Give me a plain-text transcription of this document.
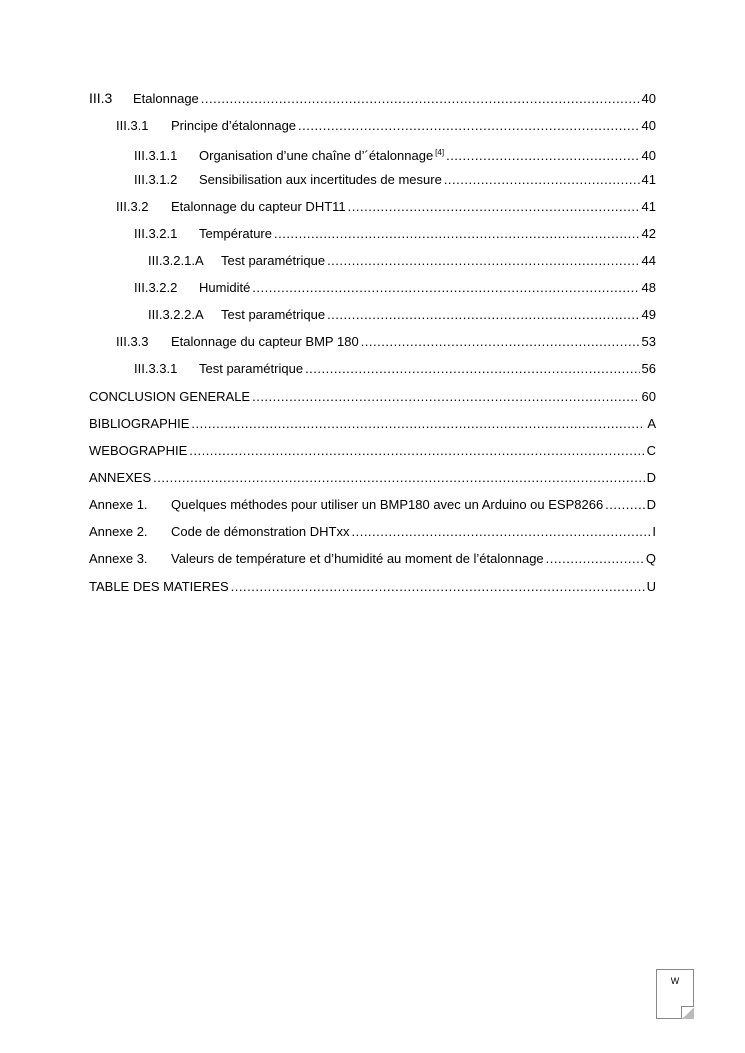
III.3	Etalonnage .....	40
III.3.1	Principe d’étalonnage .....	40
III.3.1.1	Organisation d’une chaîne d’´étalonnage [4] .....	40
III.3.1.2	Sensibilisation aux incertitudes de mesure .....	41
III.3.2	Etalonnage du capteur DHT11 .....	41
III.3.2.1	Température .....	42
III.3.2.1.A	Test paramétrique .....	44
III.3.2.2	Humidité .....	48
III.3.2.2.A	Test paramétrique .....	49
III.3.3	Etalonnage du capteur BMP 180 .....	53
III.3.3.1	Test paramétrique .....	56
CONCLUSION GENERALE .....	60
BIBLIOGRAPHIE .....	A
WEBOGRAPHIE .....	C
ANNEXES .....	D
Annexe 1.	Quelques méthodes pour utiliser un BMP180 avec un Arduino ou ESP8266 .....	D
Annexe 2.	Code de démonstration DHTxx .....	I
Annexe 3.	Valeurs de température et d’humidité au moment de l’étalonnage .....	Q
TABLE DES MATIERES .....	U
W
